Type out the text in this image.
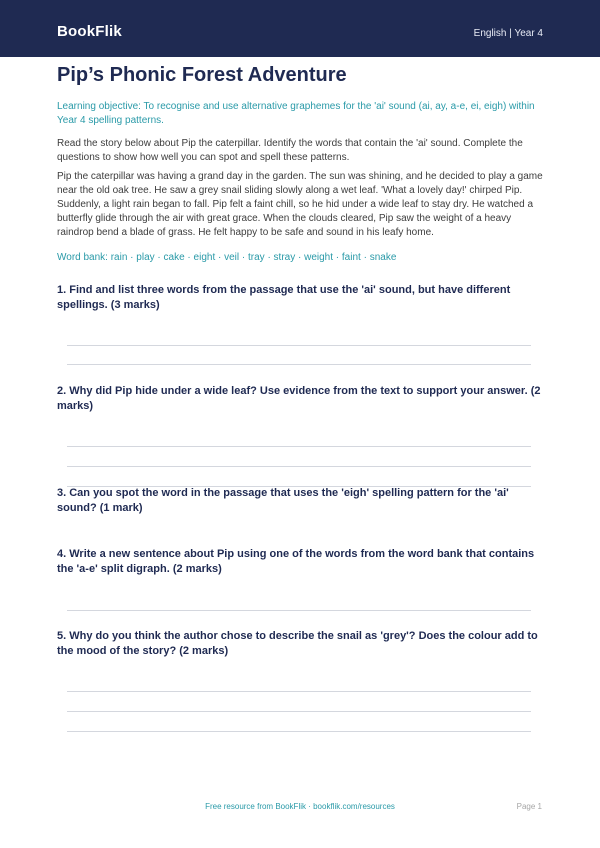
BookFlik	English | Year 4
Pip’s Phonic Forest Adventure

Learning objective: To recognise and use alternative graphemes for the 'ai' sound (ai, ay, a-e, ei, eigh) within Year 4 spelling patterns.

Read the story below about Pip the caterpillar. Identify the words that contain the 'ai' sound. Complete the questions to show how well you can spot and spell these patterns.

Pip the caterpillar was having a grand day in the garden. The sun was shining, and he decided to play a game near the old oak tree. He saw a grey snail sliding slowly along a wet leaf. 'What a lovely day!' chirped Pip. Suddenly, a light rain began to fall. Pip felt a faint chill, so he hid under a wide leaf to stay dry. He watched a butterfly glide through the air with great grace. When the clouds cleared, Pip saw the weight of a heavy raindrop bend a blade of grass. He felt happy to be safe and sound in his leafy home.

Word bank: rain · play · cake · eight · veil · tray · stray · weight · faint · snake

1. Find and list three words from the passage that use the 'ai' sound, but have different spellings. (3 marks)

2. Why did Pip hide under a wide leaf? Use evidence from the text to support your answer. (2 marks)

3. Can you spot the word in the passage that uses the 'eigh' spelling pattern for the 'ai' sound? (1 mark)

4. Write a new sentence about Pip using one of the words from the word bank that contains the 'a-e' split digraph. (2 marks)

5. Why do you think the author chose to describe the snail as 'grey'? Does the colour add to the mood of the story? (2 marks)

Free resource from BookFlik · bookflik.com/resources	Page 1
